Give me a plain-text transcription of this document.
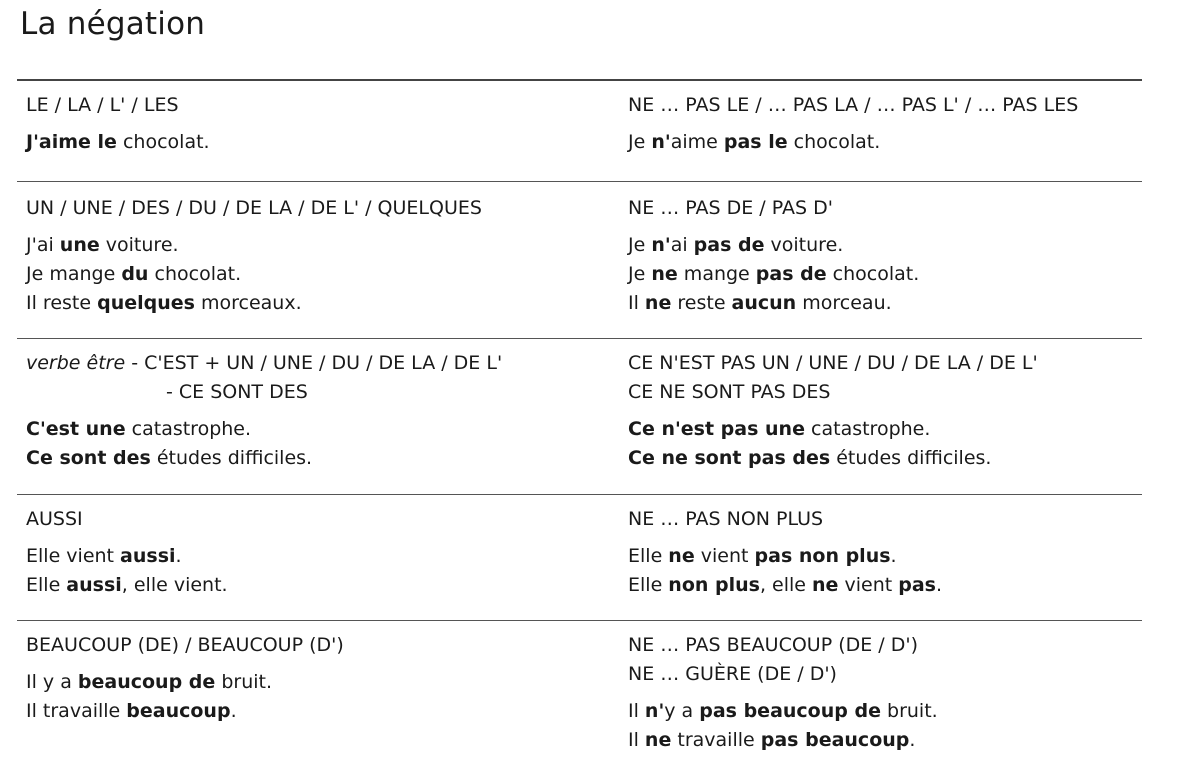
La négation
LE / LA / L' / LES
J'aime le chocolat.
NE … PAS LE / … PAS LA / … PAS L' / … PAS LES
Je n'aime pas le chocolat.
UN / UNE / DES / DU / DE LA / DE L' / QUELQUES
J'ai une voiture.
Je mange du chocolat.
Il reste quelques morceaux.
NE … PAS DE / PAS D'
Je n'ai pas de voiture.
Je ne mange pas de chocolat.
Il ne reste aucun morceau.
verbe être - C'EST + UN / UNE / DU / DE LA / DE L'
- CE SONT DES
C'est une catastrophe.
Ce sont des études difficiles.
CE N'EST PAS UN / UNE / DU / DE LA / DE L'
CE NE SONT PAS DES
Ce n'est pas une catastrophe.
Ce ne sont pas des études difficiles.
AUSSI
Elle vient aussi.
Elle aussi, elle vient.
NE … PAS NON PLUS
Elle ne vient pas non plus.
Elle non plus, elle ne vient pas.
BEAUCOUP (DE) / BEAUCOUP (D')
Il y a beaucoup de bruit.
Il travaille beaucoup.
NE … PAS BEAUCOUP (DE / D')
NE … GUÈRE (DE / D')
Il n'y a pas beaucoup de bruit.
Il ne travaille pas beaucoup.
